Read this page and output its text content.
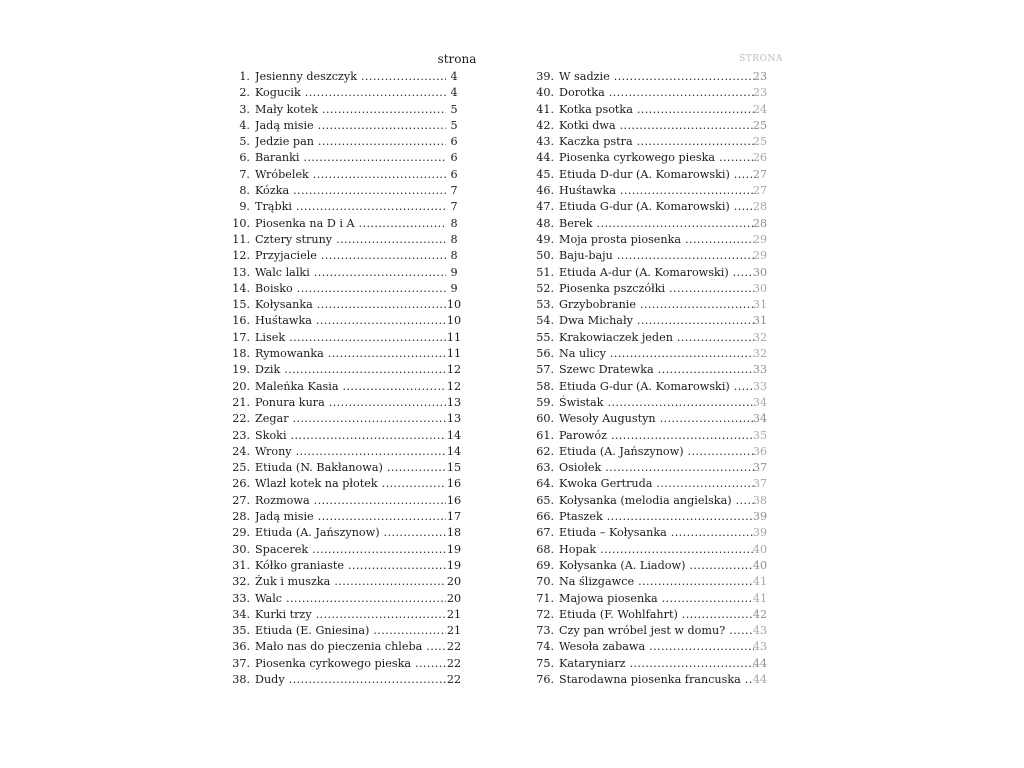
strona	STRONA
1. Jesienny deszczyk .....	4
2. Kogucik .....	4
3. Mały kotek .....	5
4. Jadą misie .....	5
5. Jedzie pan .....	6
6. Baranki .....	6
7. Wróbelek .....	6
8. Kózka .....	7
9. Trąbki .....	7
10. Piosenka na D i A .....	8
11. Cztery struny .....	8
12. Przyjaciele .....	8
13. Walc lalki .....	9
14. Boisko .....	9
15. Kołysanka .....	10
16. Huśtawka .....	10
17. Lisek .....	11
18. Rymowanka .....	11
19. Dzik .....	12
20. Maleńka Kasia .....	12
21. Ponura kura .....	13
22. Zegar .....	13
23. Skoki .....	14
24. Wrony .....	14
25. Etiuda (N. Bakłanowa) .....	15
26. Wlazł kotek na płotek .....	16
27. Rozmowa .....	16
28. Jadą misie .....	17
29. Etiuda (A. Jańszynow) .....	18
30. Spacerek .....	19
31. Kółko graniaste .....	19
32. Żuk i muszka .....	20
33. Walc .....	20
34. Kurki trzy .....	21
35. Etiuda (E. Gniesina) .....	21
36. Mało nas do pieczenia chleba .....	22
37. Piosenka cyrkowego pieska .....	22
38. Dudy .....	22
39. W sadzie .....	23
40. Dorotka .....	23
41. Kotka psotka .....	24
42. Kotki dwa .....	25
43. Kaczka pstra .....	25
44. Piosenka cyrkowego pieska .....	26
45. Etiuda D-dur (A. Komarowski) .....	27
46. Huśtawka .....	27
47. Etiuda G-dur (A. Komarowski) .....	28
48. Berek .....	28
49. Moja prosta piosenka .....	29
50. Baju-baju .....	29
51. Etiuda A-dur (A. Komarowski) .....	30
52. Piosenka pszczółki .....	30
53. Grzybobranie .....	31
54. Dwa Michały .....	31
55. Krakowiaczek jeden .....	32
56. Na ulicy .....	32
57. Szewc Dratewka .....	33
58. Etiuda G-dur (A. Komarowski) .....	33
59. Świstak .....	34
60. Wesoły Augustyn .....	34
61. Parowóz .....	35
62. Etiuda (A. Jańszynow) .....	36
63. Osiołek .....	37
64. Kwoka Gertruda .....	37
65. Kołysanka (melodia angielska) .....	38
66. Ptaszek .....	39
67. Etiuda – Kołysanka .....	39
68. Hopak .....	40
69. Kołysanka (A. Liadow) .....	40
70. Na ślizgawce .....	41
71. Majowa piosenka .....	41
72. Etiuda (F. Wohlfahrt) .....	42
73. Czy pan wróbel jest w domu? .....	43
74. Wesoła zabawa .....	43
75. Kataryniarz .....	44
76. Starodawna piosenka francuska .....	44
